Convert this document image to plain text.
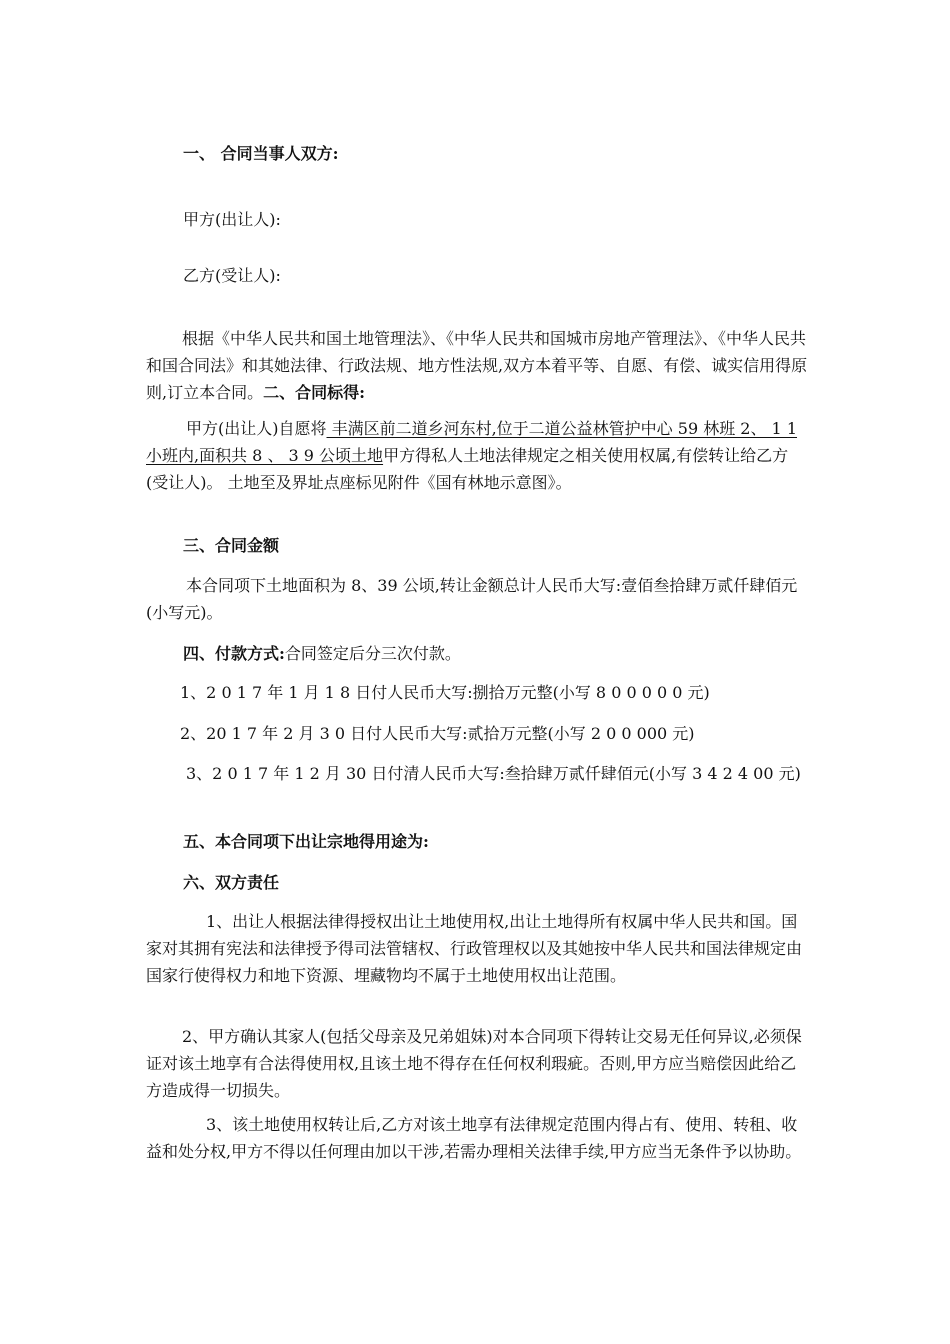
一、 合同当事人双方:

甲方(出让人):

乙方(受让人):

根据《中华人民共和国土地管理法》、《中华人民共和国城市房地产管理法》、《中华人民共和国合同法》和其她法律、行政法规、地方性法规,双方本着平等、自愿、有偿、诚实信用得原则,订立本合同。二、合同标得:

甲方(出让人)自愿将 丰满区前二道乡河东村,位于二道公益林管护中心 59 林班 2、 1 1 小班内,面积共 8 、 3 9 公顷土地甲方得私人土地法律规定之相关使用权属,有偿转让给乙方(受让人)。 土地至及界址点座标见附件《国有林地示意图》。

三、合同金额

本合同项下土地面积为 8、39 公顷,转让金额总计人民币大写:壹佰叁拾肆万贰仟肆佰元(小写元)。

四、付款方式:合同签定后分三次付款。

1、2 0 1 7 年 1 月 1 8 日付人民币大写:捌拾万元整(小写 8 0 0 0 0 0 元)

2、20 1 7 年 2 月 3 0 日付人民币大写:贰拾万元整(小写 2 0 0 000 元)

3、2 0 1 7 年 1 2 月 30 日付清人民币大写:叁拾肆万贰仟肆佰元(小写 3 4 2 4 00 元)

五、本合同项下出让宗地得用途为:

六、双方责任

1、出让人根据法律得授权出让土地使用权,出让土地得所有权属中华人民共和国。国家对其拥有宪法和法律授予得司法管辖权、行政管理权以及其她按中华人民共和国法律规定由国家行使得权力和地下资源、埋藏物均不属于土地使用权出让范围。

2、甲方确认其家人(包括父母亲及兄弟姐妹)对本合同项下得转让交易无任何异议,必须保证对该土地享有合法得使用权,且该土地不得存在任何权利瑕疵。否则,甲方应当赔偿因此给乙方造成得一切损失。

3、该土地使用权转让后,乙方对该土地享有法律规定范围内得占有、使用、转租、收益和处分权,甲方不得以任何理由加以干涉,若需办理相关法律手续,甲方应当无条件予以协助。
